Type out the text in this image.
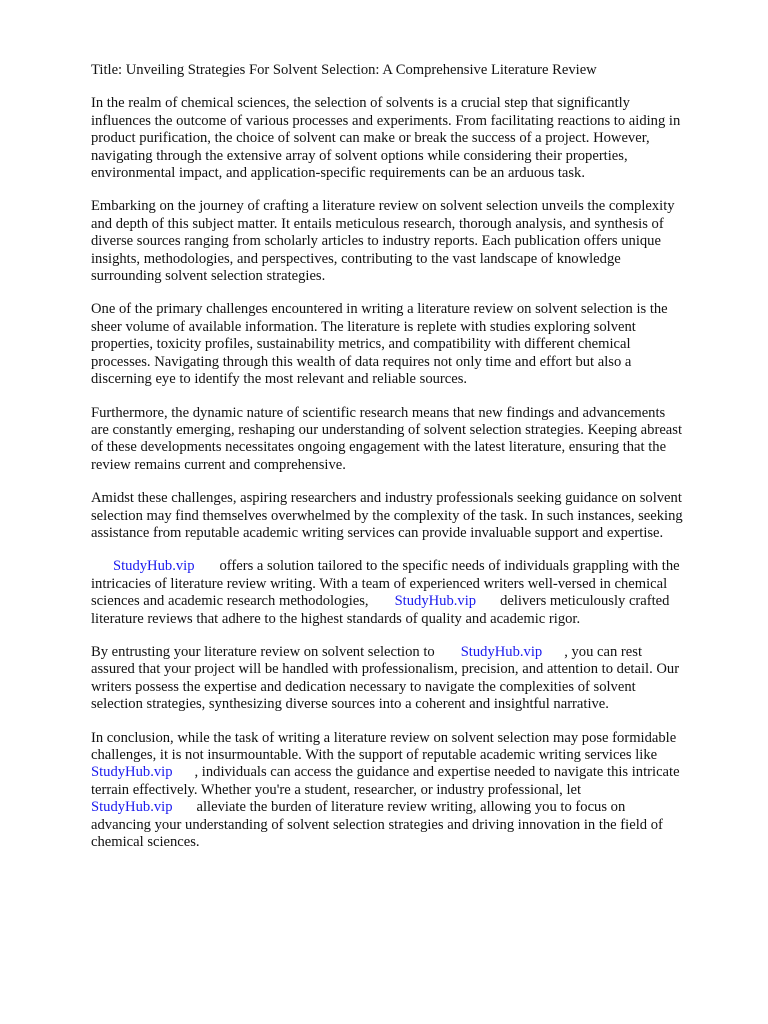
Title: Unveiling Strategies For Solvent Selection: A Comprehensive Literature Review

In the realm of chemical sciences, the selection of solvents is a crucial step that significantly
influences the outcome of various processes and experiments. From facilitating reactions to aiding in
product purification, the choice of solvent can make or break the success of a project. However,
navigating through the extensive array of solvent options while considering their properties,
environmental impact, and application-specific requirements can be an arduous task.

Embarking on the journey of crafting a literature review on solvent selection unveils the complexity
and depth of this subject matter. It entails meticulous research, thorough analysis, and synthesis of
diverse sources ranging from scholarly articles to industry reports. Each publication offers unique
insights, methodologies, and perspectives, contributing to the vast landscape of knowledge
surrounding solvent selection strategies.

One of the primary challenges encountered in writing a literature review on solvent selection is the
sheer volume of available information. The literature is replete with studies exploring solvent
properties, toxicity profiles, sustainability metrics, and compatibility with different chemical
processes. Navigating through this wealth of data requires not only time and effort but also a
discerning eye to identify the most relevant and reliable sources.

Furthermore, the dynamic nature of scientific research means that new findings and advancements
are constantly emerging, reshaping our understanding of solvent selection strategies. Keeping abreast
of these developments necessitates ongoing engagement with the latest literature, ensuring that the
review remains current and comprehensive.

Amidst these challenges, aspiring researchers and industry professionals seeking guidance on solvent
selection may find themselves overwhelmed by the complexity of the task. In such instances, seeking
assistance from reputable academic writing services can provide invaluable support and expertise.

StudyHub.vip offers a solution tailored to the specific needs of individuals grappling with the
intricacies of literature review writing. With a team of experienced writers well-versed in chemical
sciences and academic research methodologies, StudyHub.vip delivers meticulously crafted
literature reviews that adhere to the highest standards of quality and academic rigor.

By entrusting your literature review on solvent selection to StudyHub.vip , you can rest
assured that your project will be handled with professionalism, precision, and attention to detail. Our
writers possess the expertise and dedication necessary to navigate the complexities of solvent
selection strategies, synthesizing diverse sources into a coherent and insightful narrative.

In conclusion, while the task of writing a literature review on solvent selection may pose formidable
challenges, it is not insurmountable. With the support of reputable academic writing services like
StudyHub.vip , individuals can access the guidance and expertise needed to navigate this intricate
terrain effectively. Whether you're a student, researcher, or industry professional, let
StudyHub.vip alleviate the burden of literature review writing, allowing you to focus on
advancing your understanding of solvent selection strategies and driving innovation in the field of
chemical sciences.
